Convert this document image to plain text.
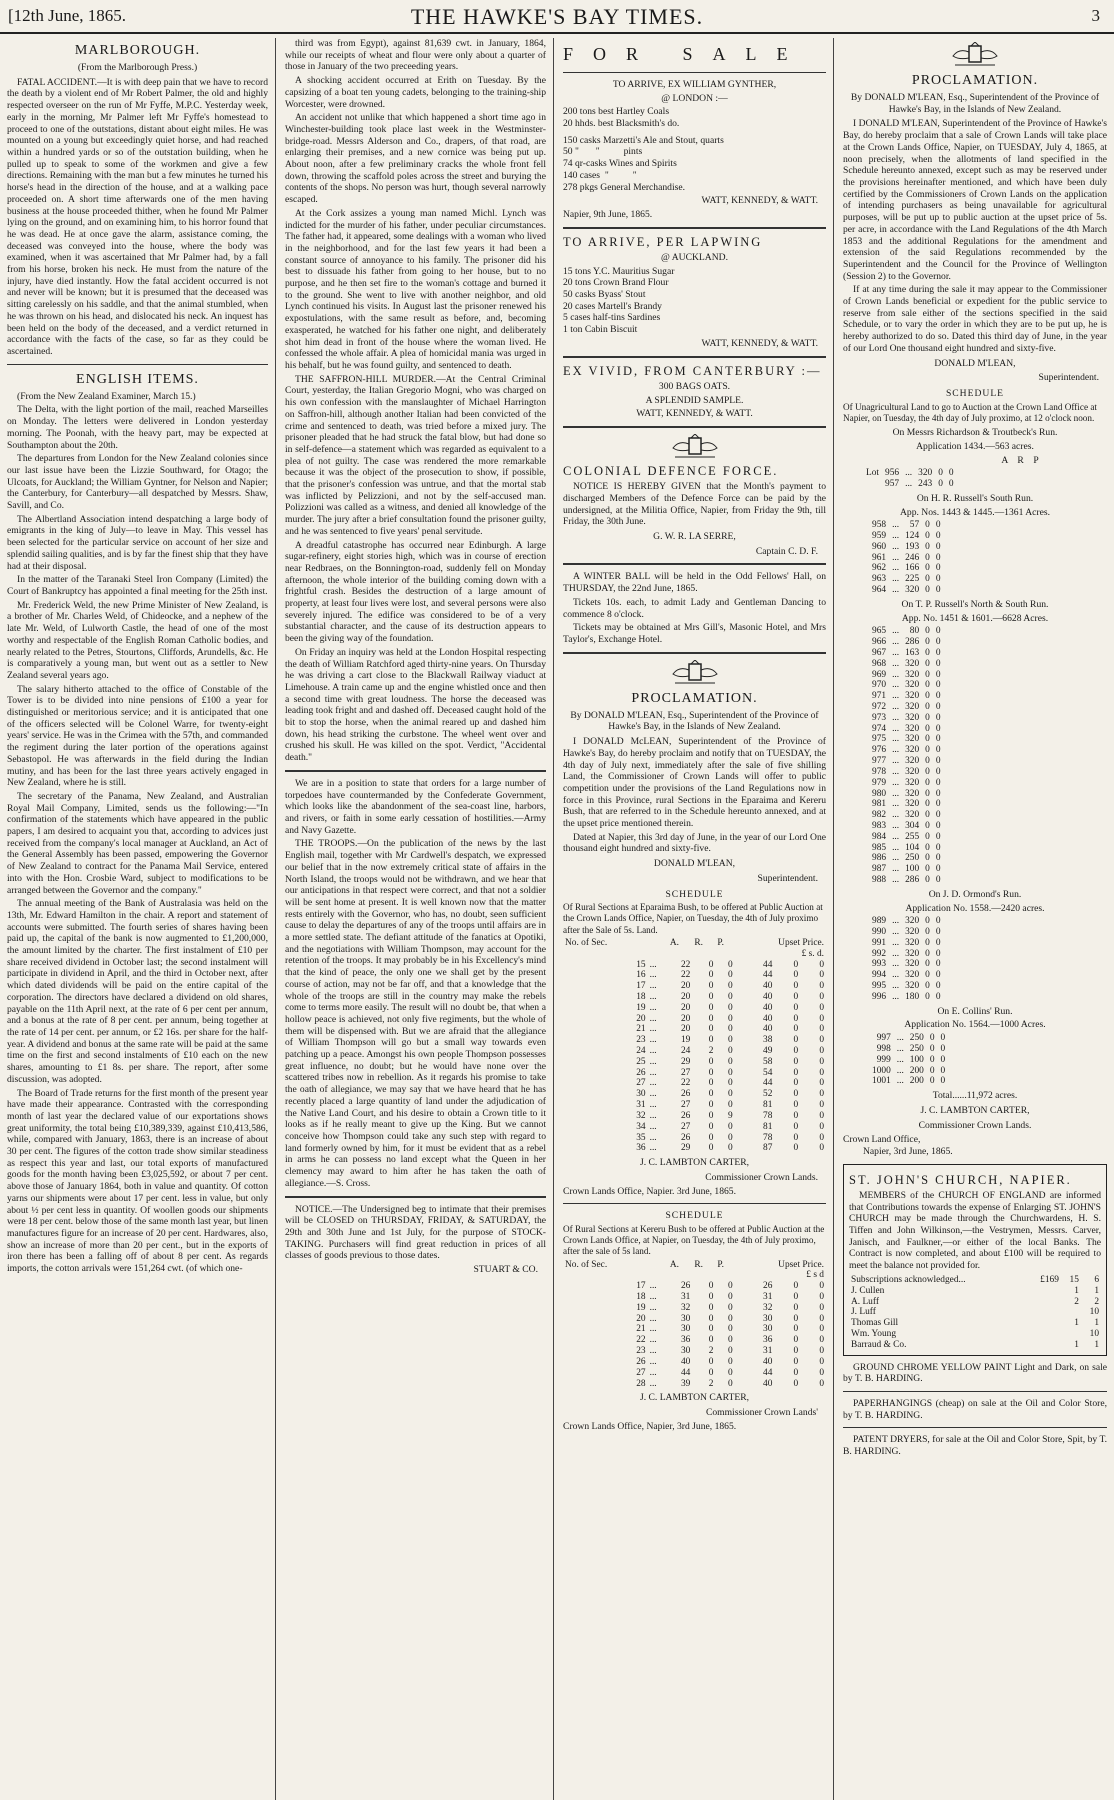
[12th June, 1865.	THE HAWKE'S BAY TIMES.	3
MARLBOROUGH.
(From the Marlborough Press.)

FATAL ACCIDENT.—It is with deep pain that we have to record the death by a violent end of Mr Robert Palmer, the old and highly respected overseer on the run of Mr Fyffe, M.P.C. Yesterday week, early in the morning, Mr Palmer left Mr Fyffe's homestead to proceed to one of the outstations, distant about eight miles. He was mounted on a young but exceedingly quiet horse, and had reached within a hundred yards or so of the outstation building, when he pulled up to speak to some of the workmen and give a few directions. Remaining with the man but a few minutes he turned his horse's head in the direction of the house, and at a walking pace proceeded on. A short time afterwards one of the men having business at the house proceeded thither, when he found Mr Palmer lying on the ground, and on examining him, to his horror found that he was dead. He at once gave the alarm, assistance coming, the deceased was conveyed into the house, where the body was examined, when it was ascertained that Mr Palmer had, by a fall from his horse, broken his neck. He must from the nature of the injury, have died instantly. How the fatal accident occurred is not and never will be known; but it is presumed that the deceased was sitting carelessly on his saddle, and that the animal stumbled, when he was thrown on his head, and dislocated his neck. An inquest has been held on the body of the deceased, and a verdict returned in accordance with the facts of the case, so far as they could be ascertained.

ENGLISH ITEMS.

(From the New Zealand Examiner, March 15.)

The Delta, with the light portion of the mail, reached Marseilles on Monday. The letters were delivered in London yesterday morning. The Poonah, with the heavy part, may be expected at Southampton about the 20th.

The departures from London for the New Zealand colonies since our last issue have been the Lizzie Southward, for Otago; the Ulcoats, for Auckland; the William Gyntner, for Nelson and Napier; the Canterbury, for Canterbury—all despatched by Messrs. Shaw, Savill, and Co.

The Albertland Association intend despatching a large body of emigrants in the king of July—to leave in May. This vessel has been selected for the particular service on account of her size and splendid sailing qualities, and is by far the finest ship that they have had at their disposal.

In the matter of the Taranaki Steel Iron Company (Limited) the Court of Bankruptcy has appointed a final meeting for the 25th inst.

Mr. Frederick Weld, the new Prime Minister of New Zealand, is a brother of Mr. Charles Weld, of Chideocke, and a nephew of the late Mr. Weld, of Lulworth Castle, the head of one of the most worthy and respectable of the English Roman Catholic bodies, and nearly related to the Petres, Stourtons, Cliffords, Arundells, &c. He is comparatively a young man, but went out as a settler to New Zealand several years ago.

The salary hitherto attached to the office of Constable of the Tower is to be divided into nine pensions of £100 a year for distinguished or meritorious service; and it is anticipated that one of the officers selected will be Colonel Warre, for twenty-eight years' service. He was in the Crimea with the 57th, and commanded the regiment during the later portion of the operations against Sebastopol. He was afterwards in the field during the Indian mutiny, and has been for the last three years actively engaged in New Zealand, where he is still.

The secretary of the Panama, New Zealand, and Australian Royal Mail Company, Limited, sends us the following:—"In confirmation of the statements which have appeared in the public papers, I am desired to acquaint you that, according to advices just received from the company's local manager at Auckland, an Act of the General Assembly has been passed, empowering the Governor of New Zealand to contract for the Panama Mail Service, entered into with the Hon. Crosbie Ward, subject to modifications to be arranged between the Governor and the company."

The annual meeting of the Bank of Australasia was held on the 13th, Mr. Edward Hamilton in the chair. A report and statement of accounts were submitted. The fourth series of shares having been paid up, the capital of the bank is now augmented to £1,200,000, the amount limited by the charter. The first instalment of £10 per share received dividend in October last; the second instalment will participate in dividend in April, and the third in October next, after which dated dividends will be paid on the entire capital of the corporation. The directors have declared a dividend on old shares, payable on the 11th April next, at the rate of 6 per cent per annum, and a bonus at the rate of 8 per cent. per annum, being together at the rate of 14 per cent. per annum, or £2 16s. per share for the half-year. A dividend and bonus at the same rate will be paid at the same time on the first and second instalments of £10 each on the new shares, amounting to £1 8s. per share. The report, after some discussion, was adopted.

The Board of Trade returns for the first month of the present year have made their appearance. Contrasted with the corresponding month of last year the declared value of our exportations shows great uniformity, the total being £10,389,339, against £10,413,586, while, compared with January, 1863, there is an increase of about 30 per cent. The figures of the cotton trade show similar steadiness as respect this year and last, our total exports of manufactured goods for the month having been £3,025,592, or about 7 per cent. above those of January 1864, both in value and quantity. Of cotton yarns our shipments were about 17 per cent. less in value, but only about ½ per cent less in quantity. Of woollen goods our shipments were 18 per cent. below those of the same month last year, but linen manufactures figure for an increase of 20 per cent. Hardwares, also, show an increase of more than 20 per cent., but in the exports of iron there has been a falling off of about 8 per cent. As regards imports, the cotton arrivals were 151,264 cwt. (of which one-

third was from Egypt), against 81,639 cwt. in January, 1864, while our receipts of wheat and flour were only about a quarter of those in January of the two preceeding years.

A shocking accident occurred at Erith on Tuesday. By the capsizing of a boat ten young cadets, belonging to the training-ship Worcester, were drowned.

An accident not unlike that which happened a short time ago in Winchester-building took place last week in the Westminster-bridge-road. Messrs Alderson and Co., drapers, of that road, are enlarging their premises, and a new cornice was being put up. About noon, after a few preliminary cracks the whole front fell down, throwing the scaffold poles across the street and burying the contents of the shops. No person was hurt, though several narrowly escaped.

At the Cork assizes a young man named Michl. Lynch was indicted for the murder of his father, under peculiar circumstances. The father had, it appeared, some dealings with a woman who lived in the neighborhood, and for the last few years it had been a constant source of annoyance to his family. The prisoner did his best to dissuade his father from going to her house, but to no purpose, and he then set fire to the woman's cottage and burned it to the ground. She went to live with another neighbor, and old Lynch continued his visits. In August last the prisoner renewed his expostulations, with the same result as before, and, becoming exasperated, he watched for his father one night, and deliberately shot him dead in front of the house where the woman lived. He confessed the whole affair. A plea of homicidal mania was urged in his behalf, but he was found guilty, and sentenced to death.

THE SAFFRON-HILL MURDER.—At the Central Criminal Court, yesterday, the Italian Gregorio Mogni, who was charged on his own confession with the manslaughter of Michael Harrington on Saffron-hill, although another Italian had been convicted of the crime and sentenced to death, was tried before a mixed jury. The prisoner pleaded that he had struck the fatal blow, but had done so in self-defence—a statement which was regarded as equivalent to a plea of not guilty. The case was rendered the more remarkable because it was the object of the prosecution to show, if possible, that the prisoner's confession was untrue, and that the mortal stab was inflicted by Pelizzioni, and not by the self-accused man. Polizzioni was called as a witness, and denied all knowledge of the murder. The jury after a brief consultation found the prisoner guilty, and he was sentenced to five years' penal servitude.

A dreadful catastrophe has occurred near Edinburgh. A large sugar-refinery, eight stories high, which was in course of erection near Redbraes, on the Bonnington-road, suddenly fell on Monday afternoon, the whole interior of the building coming down with a frightful crash. Besides the destruction of a large amount of property, at least four lives were lost, and several persons were also severely injured. The edifice was considered to be of a very substantial character, and the cause of its destruction appears to been the giving way of the foundation.

On Friday an inquiry was held at the London Hospital respecting the death of William Ratchford aged thirty-nine years. On Thursday he was driving a cart close to the Blackwall Railway viaduct at Limehouse. A train came up and the engine whistled once and then a second time with great loudness. The horse the deceased was leading took fright and and dashed off. Deceased caught hold of the bit to stop the horse, when the animal reared up and dashed him down, his head striking the curbstone. The wheel went over and crushed his skull. He was killed on the spot. Verdict, "Accidental death."

We are in a position to state that orders for a large number of torpedoes have countermanded by the Confederate Government, which looks like the abandonment of the sea-coast line, harbors, and rivers, or faith in some early cessation of hostilities.—Army and Navy Gazette.

THE TROOPS.—On the publication of the news by the last English mail, together with Mr Cardwell's despatch, we expressed our belief that in the now extremely critical state of affairs in the North Island, the troops would not be withdrawn, and we hear that our anticipations in that respect were correct, and that not a soldier will be sent home at present. It is well known now that the matter rests entirely with the Governor, who has, no doubt, seen sufficient cause to delay the departures of any of the troops until affairs are in a more settled state. The defiant attitude of the fanatics at Opotiki, and the negotiations with William Thompson, may account for the retention of the troops. It may probably be in his Excellency's mind that the kind of peace, the only one we shall get by the present course of action, may not be far off, and that a knowledge that the whole of the troops are still in the country may make the rebels come to terms more easily. The result will no doubt be, that when a hollow peace is achieved, not only five regiments, but the whole of them will be dispensed with. But we are afraid that the allegiance of William Thompson will go but a small way towards even patching up a peace. Amongst his own people Thompson possesses great influence, no doubt; but he would have none over the scattered tribes now in rebellion. As it regards his promise to take the oath of allegiance, we may say that we have heard that he has recently placed a large quantity of land under the adjudication of the Native Land Court, and his desire to obtain a Crown title to it looks as if he really meant to give up the King. But we cannot conceive how Thompson could take any such step with regard to land formerly owned by him, for it must be evident that as a rebel in arms he can possess no land except what the Queen in her clemency may award to him after he has taken the oath of allegiance.—S. Cross.

NOTICE.—The Undersigned beg to intimate that their premises will be CLOSED on THURSDAY, FRIDAY, & SATURDAY, the 29th and 30th June and 1st July, for the purpose of STOCK-TAKING. Purchasers will find great reduction in prices of all classes of goods previous to those dates.

STUART & CO.
FOR SALE
TO ARRIVE, EX WILLIAM GYNTHER,
@ LONDON :—
200 tons best Hartley Coals
20 hhds. best Blacksmith's do.
150 casks Marzetti's Ale and Stout, quarts
50 "       "          pints
74 qr-casks Wines and Spirits
140 cases  "          "
278 pkgs General Merchandise.
WATT, KENNEDY, & WATT.
Napier, 9th June, 1865.
TO ARRIVE, PER LAPWING
@ AUCKLAND.
15 tons Y.C. Mauritius Sugar
20 tons Crown Brand Flour
50 casks Byass' Stout
20 cases Martell's Brandy
5 cases half-tins Sardines
1 ton Cabin Biscuit
WATT, KENNEDY, & WATT.
EX VIVID, FROM CANTERBURY :—
300 BAGS OATS.
A SPLENDID SAMPLE.
WATT, KENNEDY, & WATT.
COLONIAL DEFENCE FORCE.

NOTICE IS HEREBY GIVEN that the Month's payment to discharged Members of the Defence Force can be paid by the undersigned, at the Militia Office, Napier, from Friday the 9th, till Friday, the 30th June.

G. W. R. LA SERRE,
Captain C. D. F.

A WINTER BALL will be held in the Odd Fellows' Hall, on THURSDAY, the 22nd June, 1865.

Tickets 10s. each, to admit Lady and Gentleman Dancing to commence 8 o'clock.

Tickets may be obtained at Mrs Gill's, Masonic Hotel, and Mrs Taylor's, Exchange Hotel.

PROCLAMATION.
By DONALD M'LEAN, Esq., Superintendent of the Province of Hawke's Bay, in the Islands of New Zealand.

I DONALD McLEAN, Superintendent of the Province of Hawke's Bay, do hereby proclaim and notify that on TUESDAY, the 4th day of July next, immediately after the sale of five shilling Land, the Commissioner of Crown Lands will offer to public competition under the provisions of the Land Regulations now in force in this Province, rural Sections in the Eparaima and Kereru Bush, that are referred to in the Schedule hereunto annexed, and at the upset price mentioned therein.

Dated at Napier, this 3rd day of June, in the year of our Lord One thousand eight hundred and sixty-five.

DONALD M'LEAN,
Superintendent.
SCHEDULE
Of Rural Sections at Eparaima Bush, to be offered at Public Auction at the Crown Lands Office, Napier, on Tuesday, the 4th of July proximo after the Sale of 5s. Land.
No. of Sec.		A.	R.	P.	Upset Price.		
					£ s. d.		
15	...	22	0	0	44	0	0
16	...	22	0	0	44	0	0
17	...	20	0	0	40	0	0
18	...	20	0	0	40	0	0
19	...	20	0	0	40	0	0
20	...	20	0	0	40	0	0
21	...	20	0	0	40	0	0
23	...	19	0	0	38	0	0
24	...	24	2	0	49	0	0
25	...	29	0	0	58	0	0
26	...	27	0	0	54	0	0
27	...	22	0	0	44	0	0
30	...	26	0	0	52	0	0
31	...	27	0	0	81	0	0
32	...	26	0	9	78	0	0
34	...	27	0	0	81	0	0
35	...	26	0	0	78	0	0
36	...	29	0	0	87	0	0
J. C. LAMBTON CARTER,
Commissioner Crown Lands.
Crown Lands Office, Napier. 3rd June, 1865.
SCHEDULE
Of Rural Sections at Kereru Bush to be offered at Public Auction at the Crown Lands Office, at Napier, on Tuesday, the 4th of July proximo, after the sale of 5s land.
No. of Sec.		A.	R.	P.	Upset Price.		
					£ s d		
17	...	26	0	0	26	0	0
18	...	31	0	0	31	0	0
19	...	32	0	0	32	0	0
20	...	30	0	0	30	0	0
21	...	30	0	0	30	0	0
22	...	36	0	0	36	0	0
23	...	30	2	0	31	0	0
26	...	40	0	0	40	0	0
27	...	44	0	0	44	0	0
28	...	39	2	0	40	0	0
J. C. LAMBTON CARTER,
Commissioner Crown Lands'
Crown Lands Office, Napier, 3rd June, 1865.
PROCLAMATION.
By DONALD M'LEAN, Esq., Superintendent of the Province of Hawke's Bay, in the Islands of New Zealand.

I DONALD M'LEAN, Superintendent of the Province of Hawke's Bay, do hereby proclaim that a sale of Crown Lands will take place at the Crown Lands Office, Napier, on TUESDAY, July 4, 1865, at noon precisely, when the allotments of land specified in the Schedule hereunto annexed, except such as may be reserved under the provisions hereinafter mentioned, and which have been duly certified by the Commissioners of Crown Lands on the application of intending purchasers as being unavailable for agricultural purposes, will be put up to public auction at the upset price of 5s. per acre, in accordance with the Land Regulations of the 4th March 1853 and the additional Regulations for the amendment and extension of the said Regulations recommended by the Superintendent and the Council for the Province of Wellington (Session 2) to the Governor.

If at any time during the sale it may appear to the Commissioner of Crown Lands beneficial or expedient for the public service to reserve from sale either of the sections specified in the said Schedule, or to vary the order in which they are to be put up, he is hereby authorized to do so. Dated this third day of June, in the year of our Lord One thousand eight hundred and sixty-five.

DONALD M'LEAN,
Superintendent.
SCHEDULE
Of Unagricultural Land to go to Auction at the Crown Land Office at Napier, on Tuesday, the 4th day of July proximo, at 12 o'clock noon.
On Messrs Richardson & Troutbeck's Run.
Application 1434.—563 acres.
A    R    P
Lot	956	...	320	0	0
	957	...	243	0	0
On H. R. Russell's South Run.
App. Nos. 1443 & 1445.—1361 Acres.
	958	...	57	0	0
	959	...	124	0	0
	960	...	193	0	0
	961	...	246	0	0
	962	...	166	0	0
	963	...	225	0	0
	964	...	320	0	0
On T. P. Russell's North & South Run.
App. No. 1451 & 1601.—6628 Acres.
	965	...	80	0	0
	966	...	286	0	0
	967	...	163	0	0
	968	...	320	0	0
	969	...	320	0	0
	970	...	320	0	0
	971	...	320	0	0
	972	...	320	0	0
	973	...	320	0	0
	974	...	320	0	0
	975	...	320	0	0
	976	...	320	0	0
	977	...	320	0	0
	978	...	320	0	0
	979	...	320	0	0
	980	...	320	0	0
	981	...	320	0	0
	982	...	320	0	0
	983	...	304	0	0
	984	...	255	0	0
	985	...	104	0	0
	986	...	250	0	0
	987	...	100	0	0
	988	...	286	0	0
On J. D. Ormond's Run.
Application No. 1558.—2420 acres.
	989	...	320	0	0
	990	...	320	0	0
	991	...	320	0	0
	992	...	320	0	0
	993	...	320	0	0
	994	...	320	0	0
	995	...	320	0	0
	996	...	180	0	0
On E. Collins' Run.
Application No. 1564.—1000 Acres.
	997	...	250	0	0
	998	...	250	0	0
	999	...	100	0	0
	1000	...	200	0	0
	1001	...	200	0	0
Total......11,972 acres.
J. C. LAMBTON CARTER,
Commissioner Crown Lands.
Crown Land Office,
Napier, 3rd June, 1865.
ST. JOHN'S CHURCH, NAPIER.

MEMBERS of the CHURCH OF ENGLAND are informed that Contributions towards the expense of Enlarging ST. JOHN'S CHURCH may be made through the Churchwardens, H. S. Tiffen and John Wilkinson,—the Vestrymen, Messrs. Carver, Janisch, and Faulkner,—or either of the local Banks. The Contract is now completed, and about £100 will be required to meet the balance not provided for.

Subscriptions acknowledged...	£169	15	6
J. Cullen		1	1
A. Luff		2	2
J. Luff			10
Thomas Gill		1	1
Wm. Young			10
Barraud & Co.		1	1

GROUND CHROME YELLOW PAINT Light and Dark, on sale by T. B. HARDING.

PAPERHANGINGS (cheap) on sale at the Oil and Color Store, by T. B. HARDING.

PATENT DRYERS, for sale at the Oil and Color Store, Spit, by T. B. HARDING.
